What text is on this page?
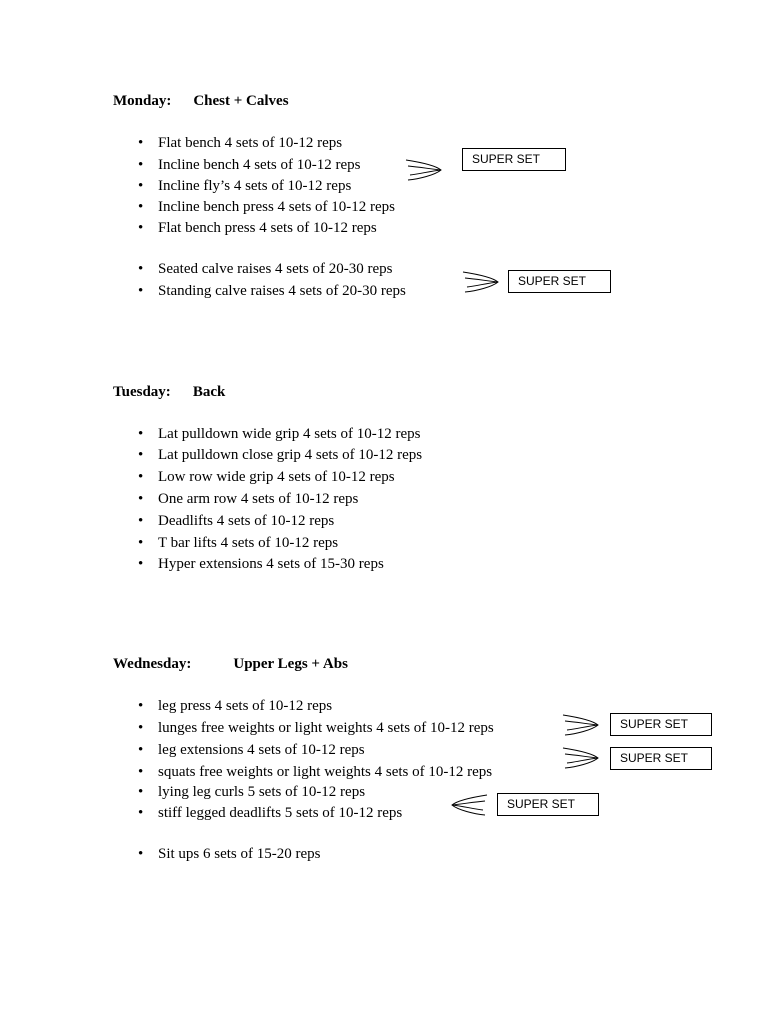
Monday: Chest + Calves
• Flat bench 4 sets of 10-12 reps
• Incline bench 4 sets of 10-12 reps
• Incline fly’s 4 sets of 10-12 reps
• Incline bench press 4 sets of 10-12 reps
• Flat bench press 4 sets of 10-12 reps
• Seated calve raises 4 sets of 20-30 reps
• Standing calve raises 4 sets of 20-30 reps
SUPER SET
SUPER SET
Tuesday: Back
• Lat pulldown wide grip 4 sets of 10-12 reps
• Lat pulldown close grip 4 sets of 10-12 reps
• Low row wide grip 4 sets of 10-12 reps
• One arm row 4 sets of 10-12 reps
• Deadlifts 4 sets of 10-12 reps
• T bar lifts 4 sets of 10-12 reps
• Hyper extensions 4 sets of 15-30 reps
Wednesday:	Upper Legs + Abs
• leg press 4 sets of 10-12 reps
• lunges free weights or light weights 4 sets of 10-12 reps
• leg extensions 4 sets of 10-12 reps
• squats free weights or light weights 4 sets of 10-12 reps
• lying leg curls 5 sets of 10-12 reps
• stiff legged deadlifts 5 sets of 10-12 reps
• Sit ups 6 sets of 15-20 reps
SUPER SET
SUPER SET
SUPER SET
